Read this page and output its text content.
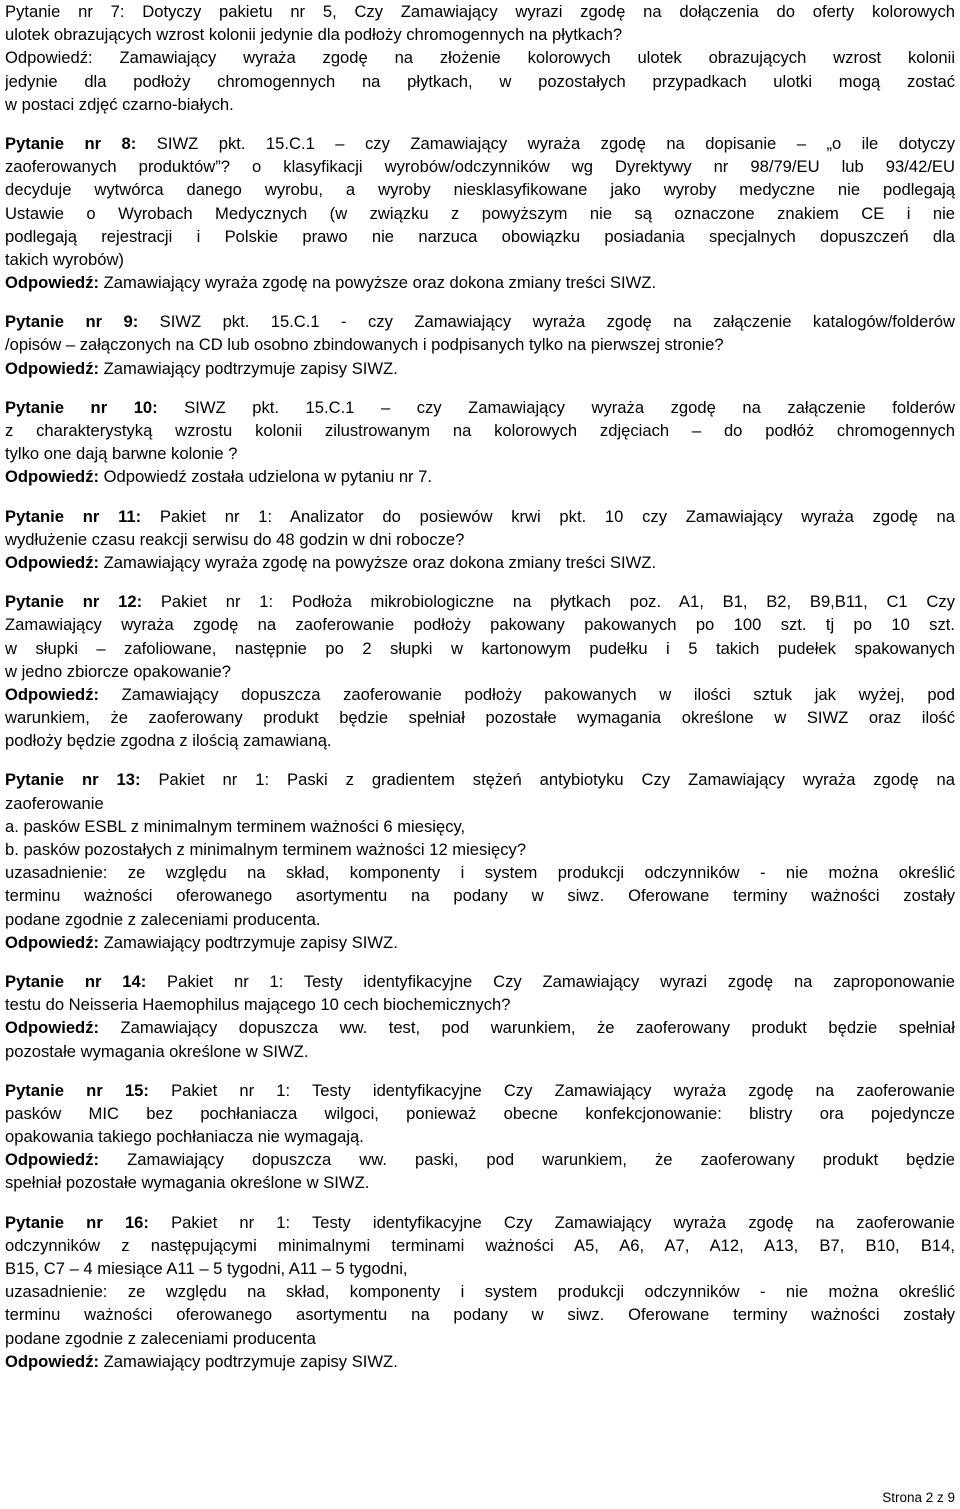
Pytanie nr 7: Dotyczy pakietu nr 5, Czy Zamawiający wyrazi zgodę na dołączenia do oferty kolorowych
ulotek obrazujących wzrost kolonii jedynie dla podłoży chromogennych na płytkach?
Odpowiedź: Zamawiający wyraża zgodę na złożenie kolorowych ulotek obrazujących wzrost kolonii
jedynie dla podłoży chromogennych na płytkach, w pozostałych przypadkach ulotki mogą zostać
w postaci zdjęć czarno-białych.
Pytanie nr 8: SIWZ pkt. 15.C.1 – czy Zamawiający wyraża zgodę na dopisanie – „o ile dotyczy
zaoferowanych produktów”? o klasyfikacji wyrobów/odczynników wg Dyrektywy nr 98/79/EU lub 93/42/EU
decyduje wytwórca danego wyrobu, a wyroby niesklasyfikowane jako wyroby medyczne nie podlegają
Ustawie o Wyrobach Medycznych (w związku z powyższym nie są oznaczone znakiem CE i nie
podlegają rejestracji i Polskie prawo nie narzuca obowiązku posiadania specjalnych dopuszczeń dla
takich wyrobów)
Odpowiedź: Zamawiający wyraża zgodę na powyższe oraz dokona zmiany treści SIWZ.
Pytanie nr 9: SIWZ pkt. 15.C.1 - czy Zamawiający wyraża zgodę na załączenie katalogów/folderów
/opisów – załączonych na CD lub osobno zbindowanych i podpisanych tylko na pierwszej stronie?
Odpowiedź: Zamawiający podtrzymuje zapisy SIWZ.
Pytanie nr 10: SIWZ pkt. 15.C.1 – czy Zamawiający wyraża zgodę na załączenie folderów
z charakterystyką wzrostu kolonii zilustrowanym na kolorowych zdjęciach – do podłóż chromogennych
tylko one dają barwne kolonie ?
Odpowiedź: Odpowiedź została udzielona w pytaniu nr 7.
Pytanie nr 11: Pakiet nr 1: Analizator do posiewów krwi pkt. 10 czy Zamawiający wyraża zgodę na
wydłużenie czasu reakcji serwisu do 48 godzin w dni robocze?
Odpowiedź: Zamawiający wyraża zgodę na powyższe oraz dokona zmiany treści SIWZ.
Pytanie nr 12: Pakiet nr 1: Podłoża mikrobiologiczne na płytkach poz. A1, B1, B2, B9,B11, C1 Czy
Zamawiający wyraża zgodę na zaoferowanie podłoży pakowany pakowanych po 100 szt. tj po 10 szt.
w słupki – zafoliowane, następnie po 2 słupki w kartonowym pudełku i 5 takich pudełek spakowanych
w jedno zbiorcze opakowanie?
Odpowiedź: Zamawiający dopuszcza zaoferowanie podłoży pakowanych w ilości sztuk jak wyżej, pod
warunkiem, że zaoferowany produkt będzie spełniał pozostałe wymagania określone w SIWZ oraz ilość
podłoży będzie zgodna z ilością zamawianą.
Pytanie nr 13: Pakiet nr 1: Paski z gradientem stężeń antybiotyku Czy Zamawiający wyraża zgodę na
zaoferowanie
a. pasków ESBL z minimalnym terminem ważności 6 miesięcy,
b. pasków pozostałych z minimalnym terminem ważności 12 miesięcy?
uzasadnienie: ze względu na skład, komponenty i system produkcji odczynników - nie można określić
terminu ważności oferowanego asortymentu na podany w siwz. Oferowane terminy ważności zostały
podane zgodnie z zaleceniami producenta.
Odpowiedź: Zamawiający podtrzymuje zapisy SIWZ.
Pytanie nr 14: Pakiet nr 1: Testy identyfikacyjne Czy Zamawiający wyrazi zgodę na zaproponowanie
testu do Neisseria Haemophilus mającego 10 cech biochemicznych?
Odpowiedź: Zamawiający dopuszcza ww. test, pod warunkiem, że zaoferowany produkt będzie spełniał
pozostałe wymagania określone w SIWZ.
Pytanie nr 15: Pakiet nr 1: Testy identyfikacyjne Czy Zamawiający wyraża zgodę na zaoferowanie
pasków MIC bez pochłaniacza wilgoci, ponieważ obecne konfekcjonowanie: blistry ora pojedyncze
opakowania takiego pochłaniacza nie wymagają.
Odpowiedź: Zamawiający dopuszcza ww. paski, pod warunkiem, że zaoferowany produkt będzie
spełniał pozostałe wymagania określone w SIWZ.
Pytanie nr 16: Pakiet nr 1: Testy identyfikacyjne Czy Zamawiający wyraża zgodę na zaoferowanie
odczynników z następującymi minimalnymi terminami ważności A5, A6, A7, A12, A13, B7, B10, B14,
B15, C7 – 4 miesiące A11 – 5 tygodni, A11 – 5 tygodni,
uzasadnienie: ze względu na skład, komponenty i system produkcji odczynników - nie można określić
terminu ważności oferowanego asortymentu na podany w siwz. Oferowane terminy ważności zostały
podane zgodnie z zaleceniami producenta
Odpowiedź: Zamawiający podtrzymuje zapisy SIWZ.
Strona 2 z 9
